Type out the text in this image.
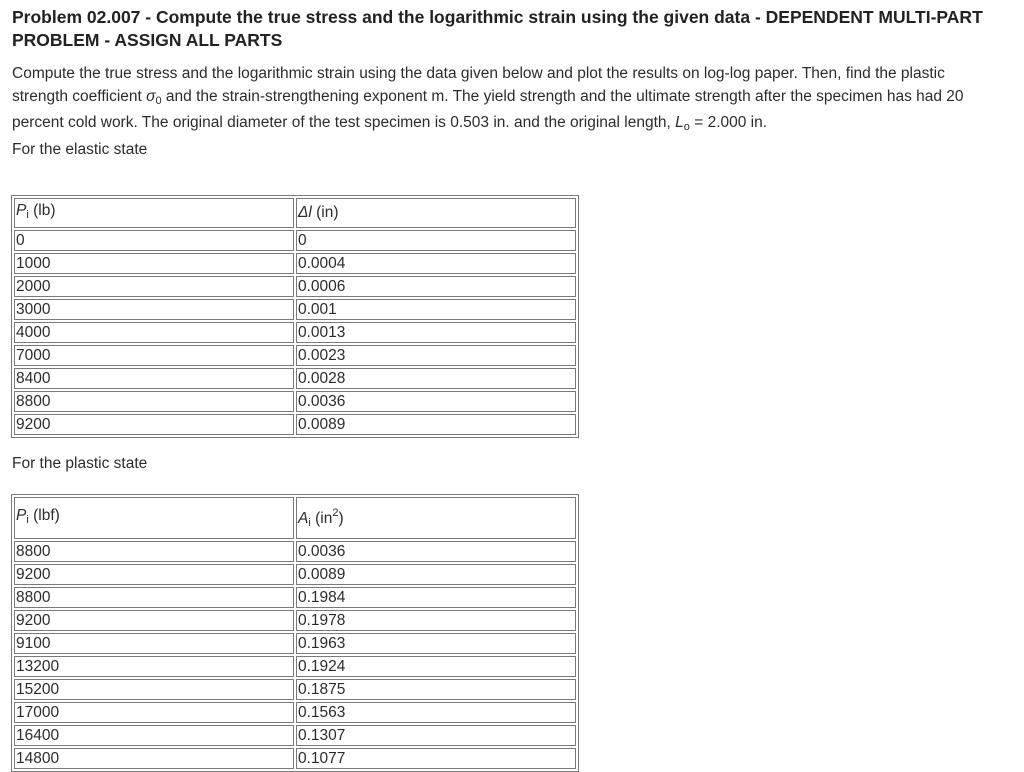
Problem 02.007 - Compute the true stress and the logarithmic strain using the given data - DEPENDENT MULTI-PART PROBLEM - ASSIGN ALL PARTS

Compute the true stress and the logarithmic strain using the data given below and plot the results on log-log paper. Then, find the plastic strength coefficient $\sigma_0$ and the strain-strengthening exponent m. The yield strength and the ultimate strength after the specimen has had 20 percent cold work. The original diameter of the test specimen is 0.503 in. and the original length, $L_o = 2.000$ in.

For the elastic state

$P_i$ (lb)	Δl (in)
0	0
1000	0.0004
2000	0.0006
3000	0.001
4000	0.0013
7000	0.0023
8400	0.0028
8800	0.0036
9200	0.0089
For the plastic state
$P_i$ (lbf)	$A_i$ $(in^2)$
8800	0.0036
9200	0.0089
8800	0.1984
9200	0.1978
9100	0.1963
13200	0.1924
15200	0.1875
17000	0.1563
16400	0.1307
14800	0.1077
